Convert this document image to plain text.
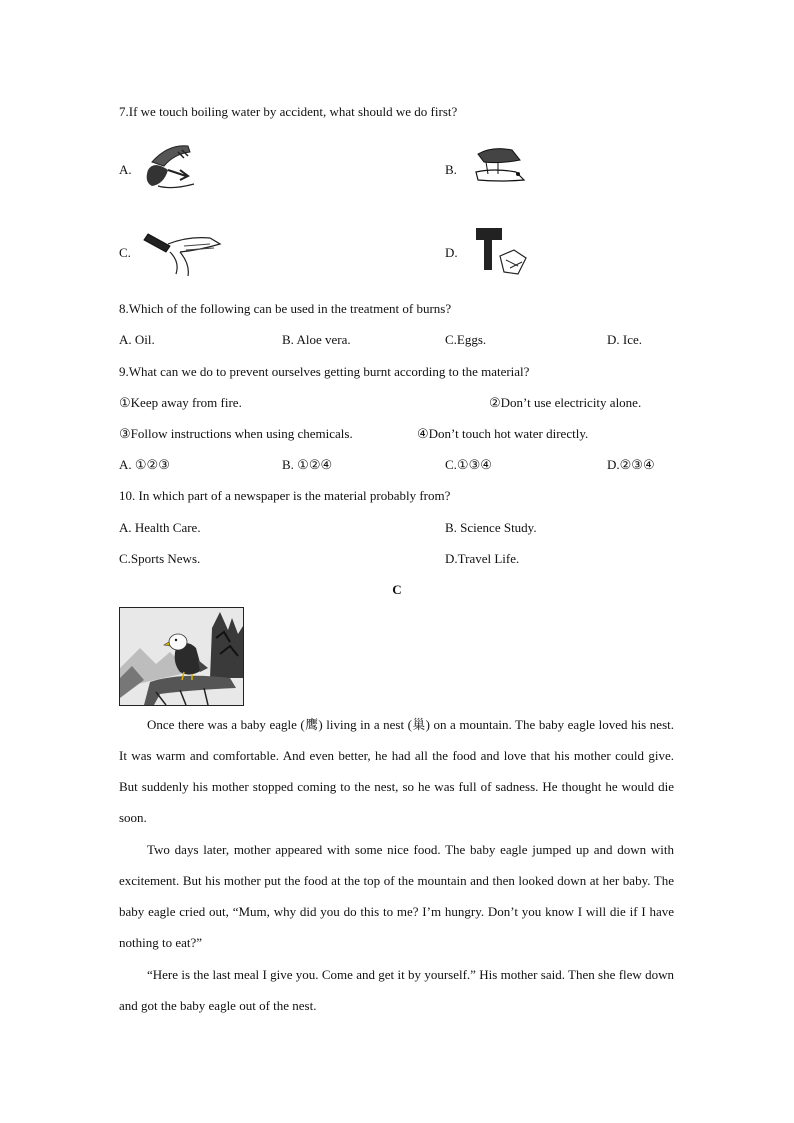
7.If we touch boiling water by accident, what should we do first?
A.	B.
C.	D.
8.Which of the following can be used in the treatment of burns?
A. Oil.	B. Aloe vera.	C.Eggs.	D. Ice.
9.What can we do to prevent ourselves getting burnt according to the material?
①Keep away from fire.	②Don’t use electricity alone.
③Follow instructions when using chemicals.	④Don’t touch hot water directly.
A. ①②③	B. ①②④	C.①③④	D.②③④
10. In which part of a newspaper is the material probably from?
A. Health Care.	B. Science Study.
C.Sports News.	D.Travel Life.
C
Once there was a baby eagle (鹰) living in a nest (巢) on a mountain. The baby eagle loved his nest. It was warm and comfortable. And even better, he had all the food and love that his mother could give. But suddenly his mother stopped coming to the nest, so he was full of sadness. He thought he would die soon.
Two days later, mother appeared with some nice food. The baby eagle jumped up and down with excitement. But his mother put the food at the top of the mountain and then looked down at her baby. The baby eagle cried out, “Mum, why did you do this to me? I’m hungry. Don’t you know I will die if I have nothing to eat?”
“Here is the last meal I give you. Come and get it by yourself.” His mother said. Then she flew down and got the baby eagle out of the nest.
